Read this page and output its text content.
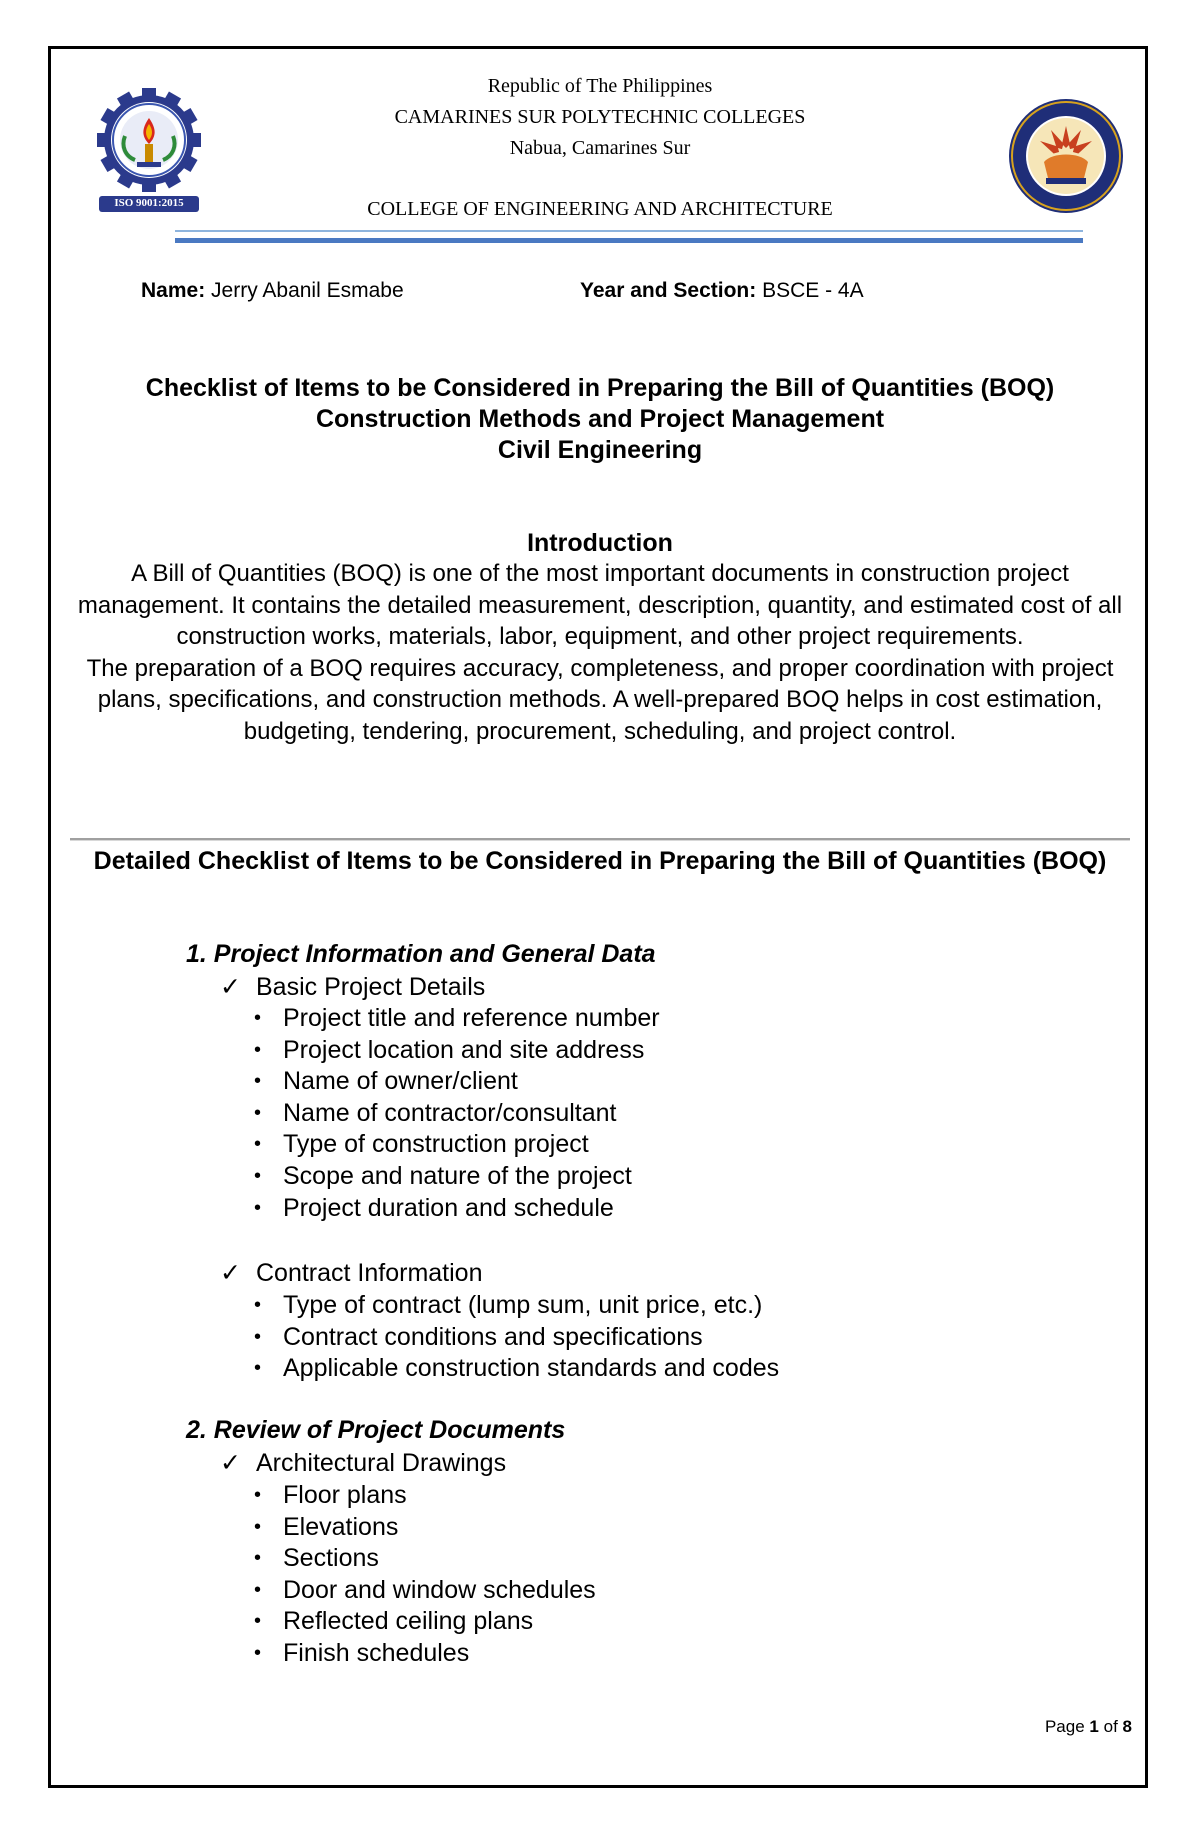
ISO 9001:2015
Republic of The Philippines
CAMARINES SUR POLYTECHNIC COLLEGES
Nabua, Camarines Sur
COLLEGE OF ENGINEERING AND ARCHITECTURE
Name: Jerry Abanil Esmabe	Year and Section: BSCE - 4A
Checklist of Items to be Considered in Preparing the Bill of Quantities (BOQ)
Construction Methods and Project Management
Civil Engineering
Introduction
A Bill of Quantities (BOQ) is one of the most important documents in construction project management. It contains the detailed measurement, description, quantity, and estimated cost of all construction works, materials, labor, equipment, and other project requirements.
The preparation of a BOQ requires accuracy, completeness, and proper coordination with project plans, specifications, and construction methods. A well-prepared BOQ helps in cost estimation, budgeting, tendering, procurement, scheduling, and project control.
Detailed Checklist of Items to be Considered in Preparing the Bill of Quantities (BOQ)
1. Project Information and General Data
✓ Basic Project Details
• Project title and reference number
• Project location and site address
• Name of owner/client
• Name of contractor/consultant
• Type of construction project
• Scope and nature of the project
• Project duration and schedule
✓ Contract Information
• Type of contract (lump sum, unit price, etc.)
• Contract conditions and specifications
• Applicable construction standards and codes
2. Review of Project Documents
✓ Architectural Drawings
• Floor plans
• Elevations
• Sections
• Door and window schedules
• Reflected ceiling plans
• Finish schedules
Page 1 of 8
